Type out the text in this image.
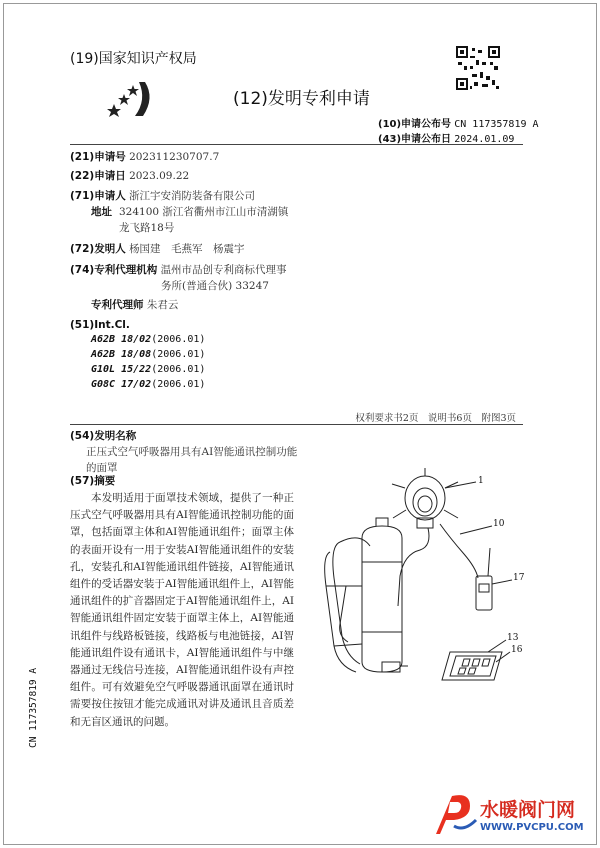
(19)国家知识产权局
(12)发明专利申请
(10)申请公布号 CN 117357819 A
(43)申请公布日 2024.01.09
(21)申请号 202311230707.7
(22)申请日 2023.09.22
(71)申请人 浙江宇安消防装备有限公司
地址 324100 浙江省衢州市江山市清湖镇
龙飞路18号
(72)发明人 杨国建　毛燕军　杨震宇
(74)专利代理机构 温州市品创专利商标代理事
务所(普通合伙) 33247
专利代理师 朱君云
(51)Int.Cl.
A62B 18/02(2006.01)
A62B 18/08(2006.01)
G10L 15/22(2006.01)
G08C 17/02(2006.01)
权利要求书2页　说明书6页　附图3页
(54)发明名称
正压式空气呼吸器用具有AI智能通讯控制功能的面罩
(57)摘要
本发明适用于面罩技术领域，提供了一种正压式空气呼吸器用具有AI智能通讯控制功能的面罩，包括面罩主体和AI智能通讯组件；面罩主体的表面开设有一用于安装AI智能通讯组件的安装孔，安装孔和AI智能通讯组件链接，AI智能通讯组件的受话器安装于AI智能通讯组件上，AI智能通讯组件的扩音器固定于AI智能通讯组件上，AI智能通讯组件固定安装于面罩主体上，AI智能通讯组件与线路板链接，线路板与电池链接，AI智能通讯组件设有通讯卡，AI智能通讯组件与中继器通过无线信号连接，AI智能通讯组件设有声控组件。可有效避免空气呼吸器通讯面罩在通讯时需要按住按钮才能完成通讯对讲及通讯且音质差和无盲区通讯的问题。
1
10
17
13
16
CN 117357819 A
水暖阀门网
WWW.PVCPU.COM
